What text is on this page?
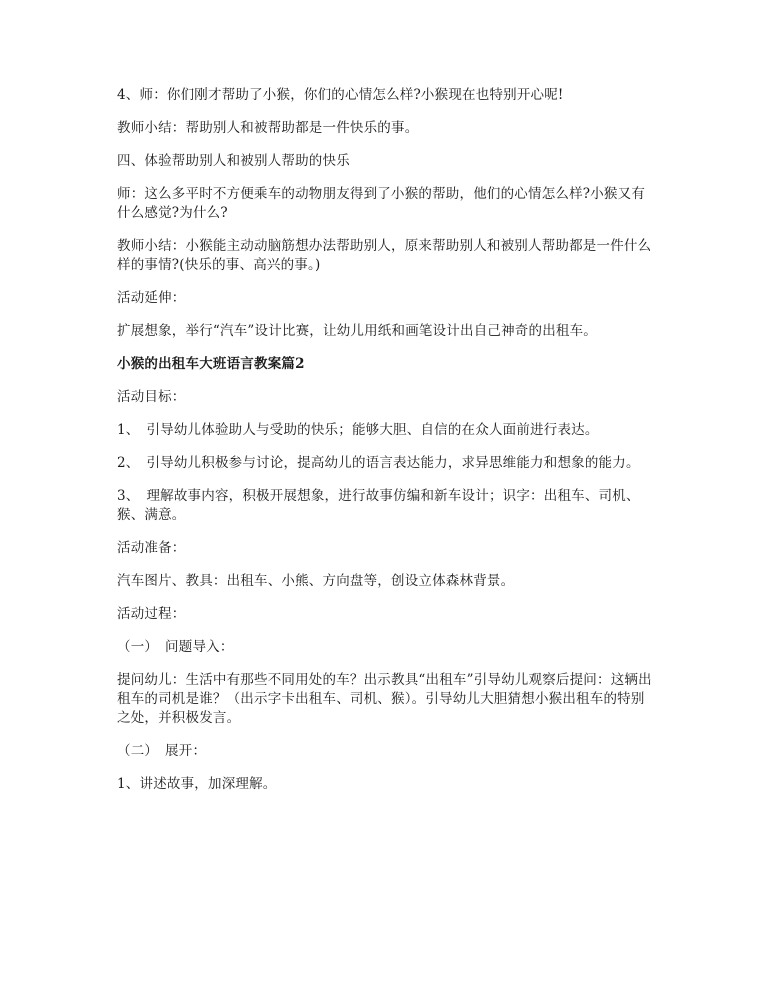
4、师：你们刚才帮助了小猴，你们的心情怎么样?小猴现在也特别开心呢!

教师小结：帮助别人和被帮助都是一件快乐的事。

四、体验帮助别人和被别人帮助的快乐

师：这么多平时不方便乘车的动物朋友得到了小猴的帮助，他们的心情怎么样?小猴又有什么感觉?为什么?

教师小结：小猴能主动动脑筋想办法帮助别人，原来帮助别人和被别人帮助都是一件什么样的事情?(快乐的事、高兴的事。)

活动延伸：

扩展想象，举行“汽车”设计比赛，让幼儿用纸和画笔设计出自己神奇的出租车。

小猴的出租车大班语言教案篇2

活动目标：

1、　引导幼儿体验助人与受助的快乐；能够大胆、自信的在众人面前进行表达。

2、　引导幼儿积极参与讨论，提高幼儿的语言表达能力，求异思维能力和想象的能力。

3、　理解故事内容，积极开展想象，进行故事仿编和新车设计；识字：出租车、司机、猴、满意。

活动准备：

汽车图片、教具：出租车、小熊、方向盘等，创设立体森林背景。

活动过程：

（一）　问题导入：

提问幼儿：生活中有那些不同用处的车？出示教具“出租车”引导幼儿观察后提问：这辆出租车的司机是谁？（出示字卡出租车、司机、猴）。引导幼儿大胆猜想小猴出租车的特别之处，并积极发言。

（二）　展开：

1、讲述故事，加深理解。
